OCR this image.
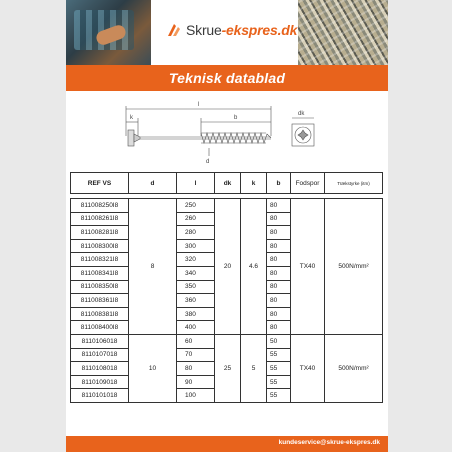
Skrue-ekspres.dk
Teknisk datablad
l
k	b
d
dk
REF VS	d	l	dk	k	b	Fodspor	Trækstyrke (itm)

811008250I8	8	250	20	4.6	80	TX40	500N/mm²
811008261I8		260			80		
811008281I8		280			80		
811008300I8		300			80		
811008321I8		320			80		
811008341I8		340			80		
811008350I8		350			80		
811008361I8		360			80		
811008381I8		380			80		
811008400I8		400			80		
8110106018	10	60	25	5	50	TX40	500N/mm²
8110107018		70			55		
8110108018		80			55		
8110109018		90			55		
8110101018		100			55		
kundeservice@skrue-ekspres.dk
